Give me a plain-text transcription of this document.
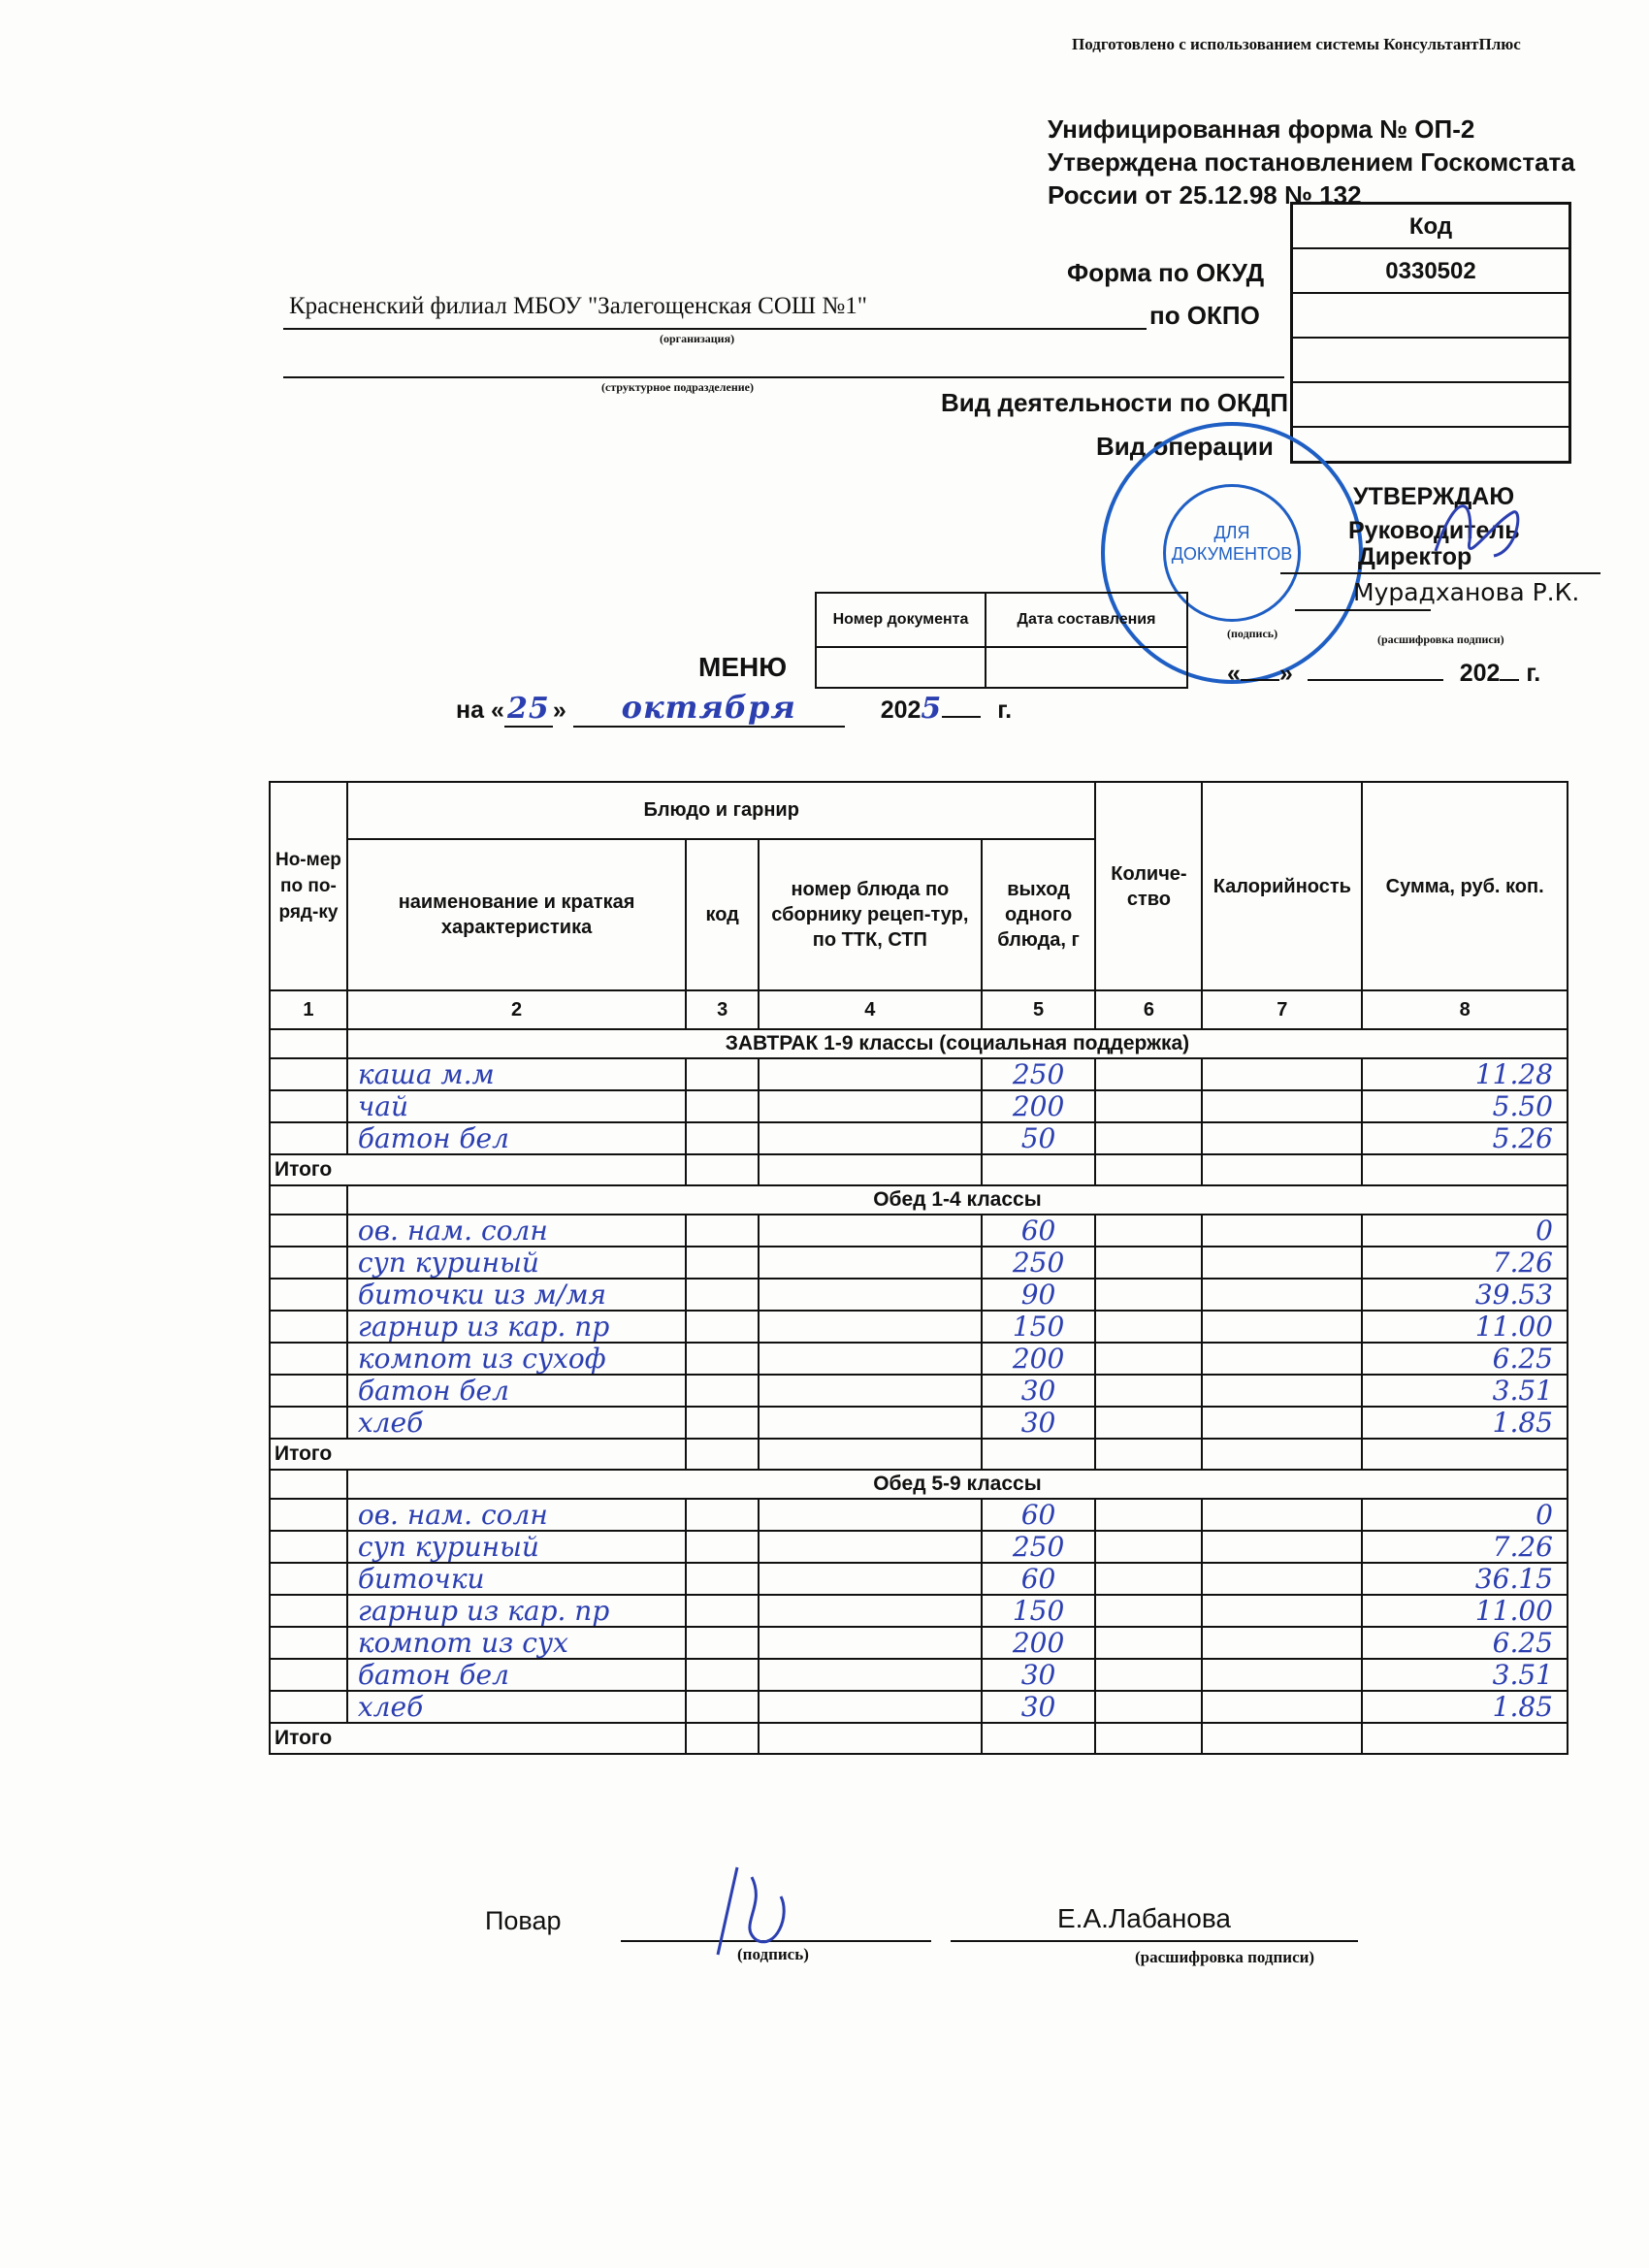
Подготовлено с использованием системы КонсультантПлюс
Унифицированная форма № ОП-2
Утверждена постановлением Госкомстата
России от 25.12.98 № 132
Код
0330502
Форма по ОКУД
по ОКПО
Вид деятельности по ОКДП
Вид операции
Красненский филиал МБОУ "Залегощенская СОШ №1"
(организация)
(структурное подразделение)
ДЛЯ
ДОКУМЕНТОВ
УТВЕРЖДАЮ
Руководитель
Директор
Мурадханова Р.К.
(подпись)	(расшифровка подписи)
« »	202 г.
Номер документа	Дата составления

МЕНЮ
на « 25 » октября	2025 г.
Но-мер по по-ряд-ку	Блюдо и гарнир				Количе-ство	Калорийность	Сумма, руб. коп.
	наименование и краткая характеристика	код	номер блюда по сборнику рецеп-тур, по ТТК, СТП	выход одного блюда, г			
1	2	3	4	5	6	7	8
	ЗАВТРАК 1-9 классы (социальная поддержка)						
	каша м.м			250			11.28
	чай			200			5.50
	батон бел			50			5.26
Итого							
	Обед 1-4 классы						
	ов. нам. солн			60			0
	суп куриный			250			7.26
	биточки из м/мя			90			39.53
	гарнир из кар. пр			150			11.00
	компот из сухоф			200			6.25
	батон бел			30			3.51
	хлеб			30			1.85
Итого							
	Обед 5-9 классы						
	ов. нам. солн			60			0
	суп куриный			250			7.26
	биточки			60			36.15
	гарнир из кар. пр			150			11.00
	компот из сух			200			6.25
	батон бел			30			3.51
	хлеб			30			1.85
Итого							
Повар	Е.А.Лабанова
(подпись)	(расшифровка подписи)
